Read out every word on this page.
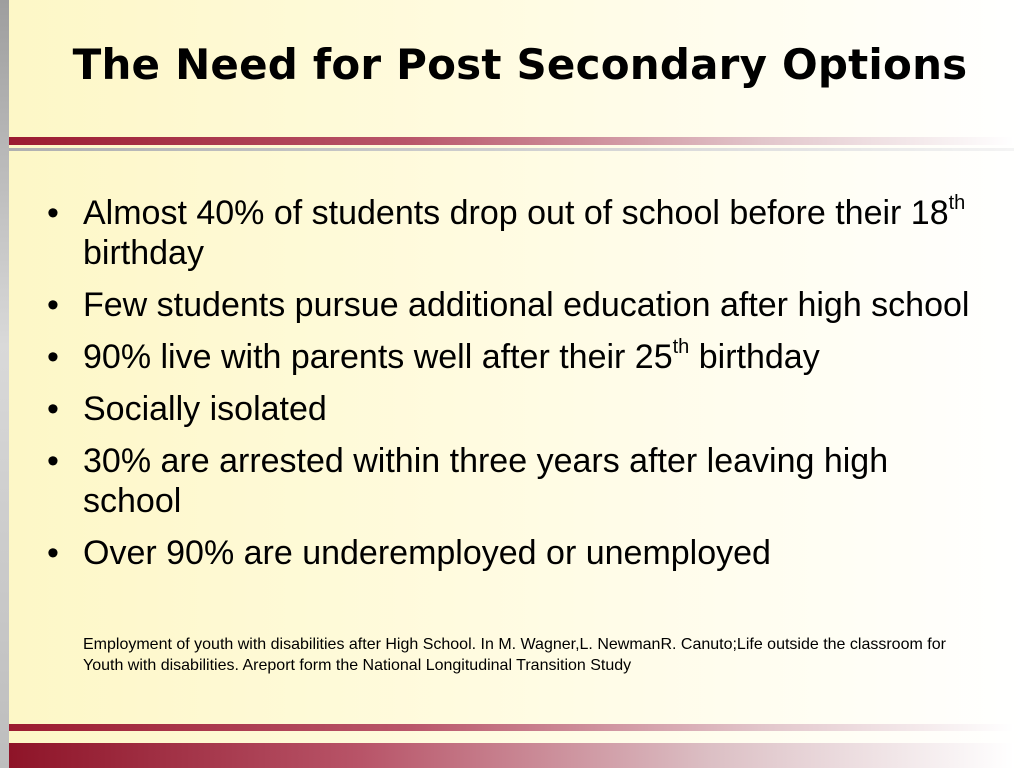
The Need for Post Secondary Options
• Almost 40% of students drop out of school before their 18th birthday
• Few students pursue additional education after high school
• 90% live with parents well after their 25th birthday
• Socially isolated
• 30% are arrested within three years after leaving high school
• Over 90% are underemployed or unemployed
Employment of youth with disabilities after High School. In M. Wagner,L. NewmanR. Canuto;Life outside the classroom for Youth with disabilities. Areport form the National Longitudinal Transition Study
